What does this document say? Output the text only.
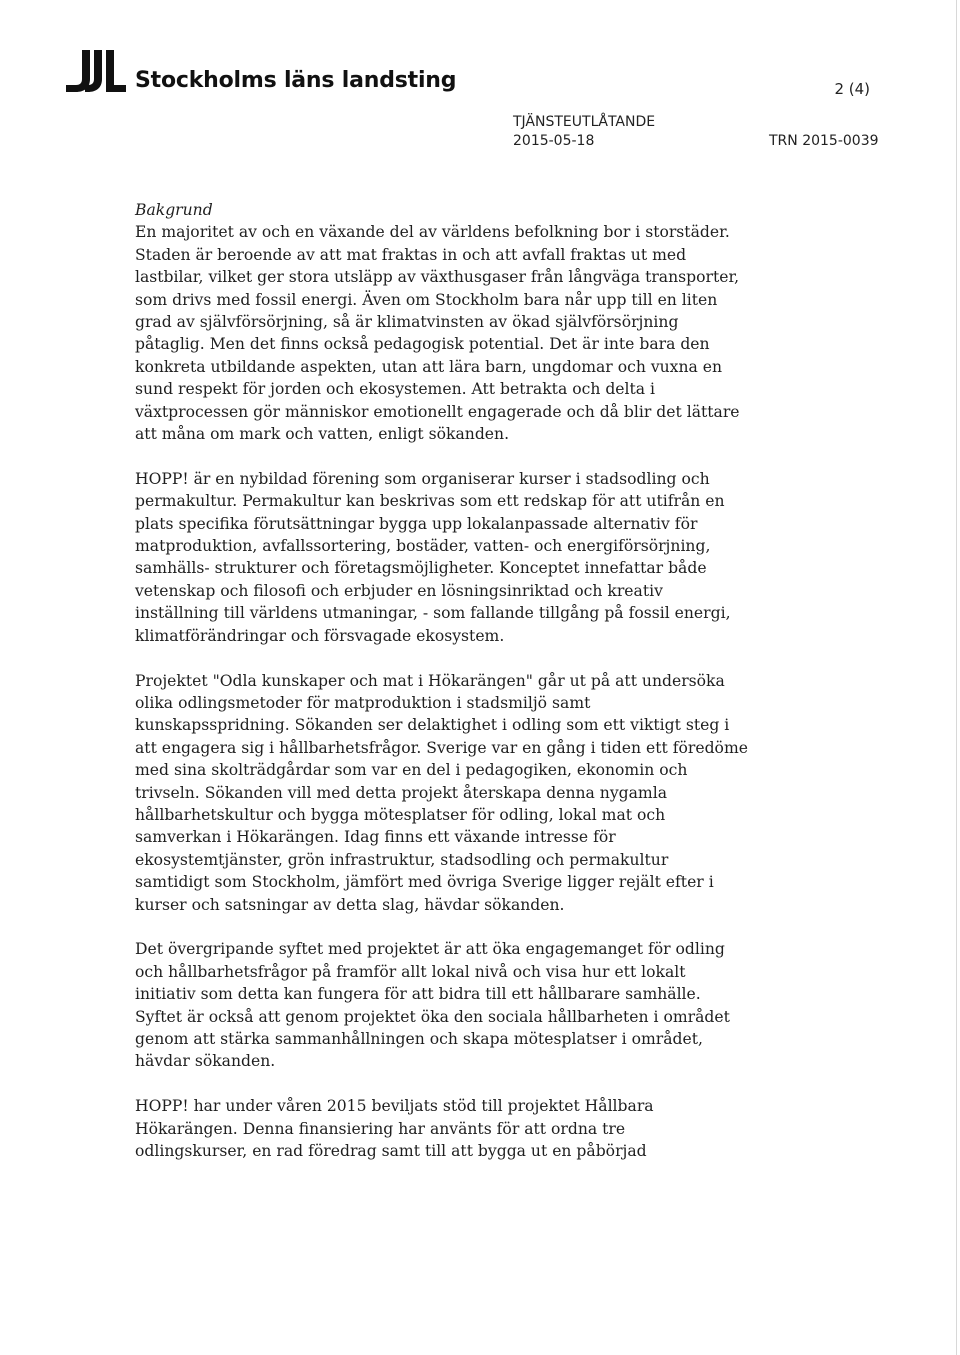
Stockholms läns landsting	2 (4)
TJÄNSTEUTLÅTANDE
2015-05-18	TRN 2015-0039

Bakgrund

En majoritet av och en växande del av världens befolkning bor i storstäder.
Staden är beroende av att mat fraktas in och att avfall fraktas ut med
lastbilar, vilket ger stora utsläpp av växthusgaser från långväga transporter,
som drivs med fossil energi. Även om Stockholm bara når upp till en liten
grad av självförsörjning, så är klimatvinsten av ökad självförsörjning
påtaglig. Men det finns också pedagogisk potential. Det är inte bara den
konkreta utbildande aspekten, utan att lära barn, ungdomar och vuxna en
sund respekt för jorden och ekosystemen. Att betrakta och delta i
växtprocessen gör människor emotionellt engagerade och då blir det lättare
att måna om mark och vatten, enligt sökanden.

HOPP! är en nybildad förening som organiserar kurser i stadsodling och
permakultur. Permakultur kan beskrivas som ett redskap för att utifrån en
plats specifika förutsättningar bygga upp lokalanpassade alternativ för
matproduktion, avfallssortering, bostäder, vatten- och energiförsörjning,
samhälls- strukturer och företagsmöjligheter. Konceptet innefattar både
vetenskap och filosofi och erbjuder en lösningsinriktad och kreativ
inställning till världens utmaningar, - som fallande tillgång på fossil energi,
klimatförändringar och försvagade ekosystem.

Projektet "Odla kunskaper och mat i Hökarängen" går ut på att undersöka
olika odlingsmetoder för matproduktion i stadsmiljö samt
kunskapsspridning. Sökanden ser delaktighet i odling som ett viktigt steg i
att engagera sig i hållbarhetsfrågor. Sverige var en gång i tiden ett föredöme
med sina skolträdgårdar som var en del i pedagogiken, ekonomin och
trivseln. Sökanden vill med detta projekt återskapa denna nygamla
hållbarhetskultur och bygga mötesplatser för odling, lokal mat och
samverkan i Hökarängen. Idag finns ett växande intresse för
ekosystemtjänster, grön infrastruktur, stadsodling och permakultur
samtidigt som Stockholm, jämfört med övriga Sverige ligger rejält efter i
kurser och satsningar av detta slag, hävdar sökanden.

Det övergripande syftet med projektet är att öka engagemanget för odling
och hållbarhetsfrågor på framför allt lokal nivå och visa hur ett lokalt
initiativ som detta kan fungera för att bidra till ett hållbarare samhälle.
Syftet är också att genom projektet öka den sociala hållbarheten i området
genom att stärka sammanhållningen och skapa mötesplatser i området,
hävdar sökanden.

HOPP! har under våren 2015 beviljats stöd till projektet Hållbara
Hökarängen. Denna finansiering har använts för att ordna tre
odlingskurser, en rad föredrag samt till att bygga ut en påbörjad
